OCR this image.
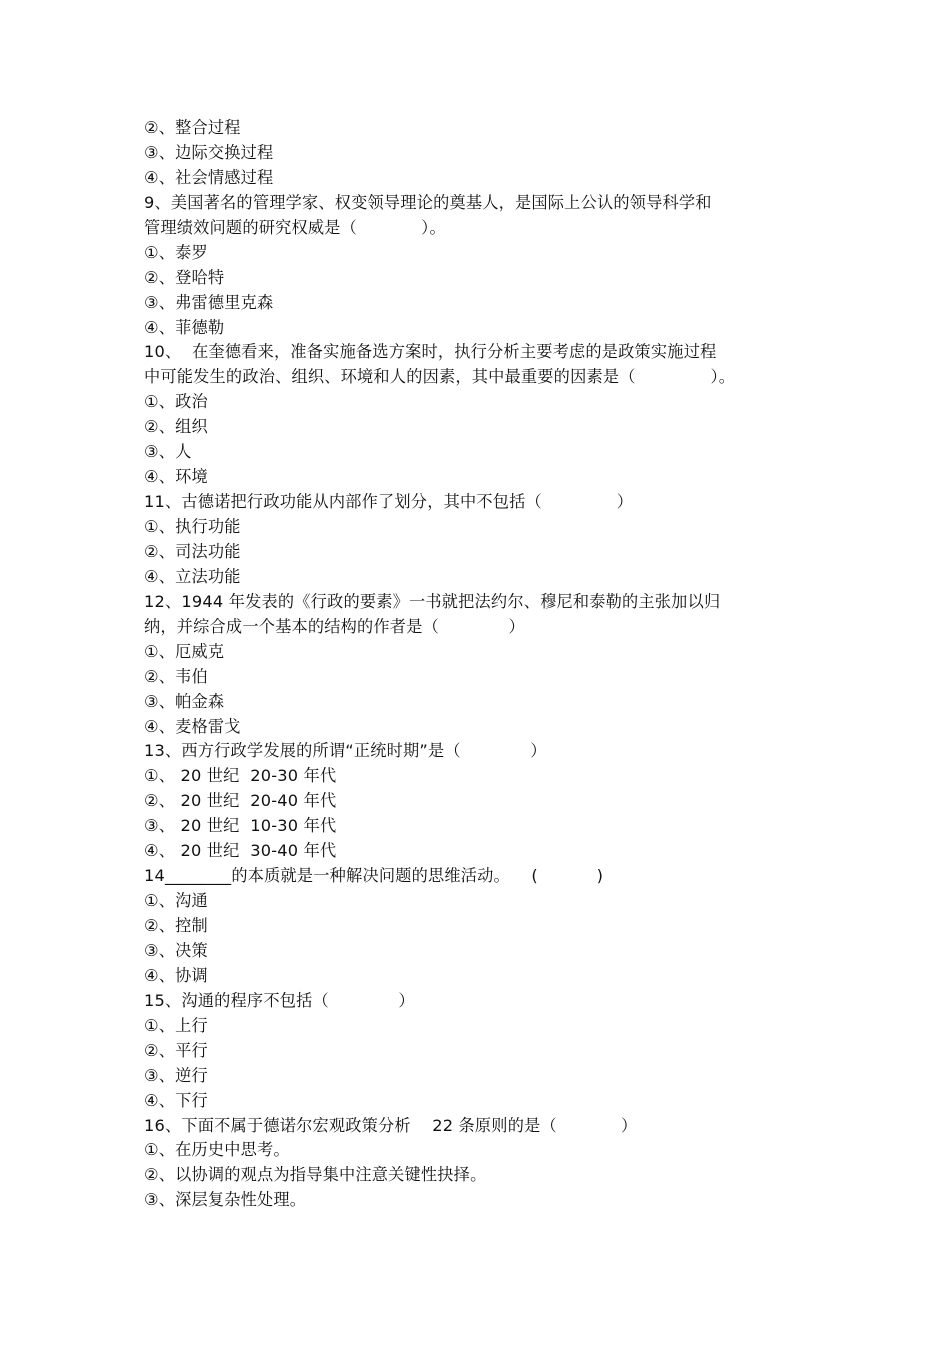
②、整合过程
③、边际交换过程
④、社会情感过程
9、美国著名的管理学家、权变领导理论的奠基人，是国际上公认的领导科学和
管理绩效问题的研究权威是（            ）。
①、泰罗
②、登哈特
③、弗雷德里克森
④、菲德勒
10、  在奎德看来，准备实施备选方案时，执行分析主要考虑的是政策实施过程
中可能发生的政治、组织、环境和人的因素，其中最重要的因素是（              ）。
①、政治
②、组织
③、人
④、环境
11、古德诺把行政功能从内部作了划分，其中不包括（              ）
①、执行功能
②、司法功能
④、立法功能
12、1944 年发表的《行政的要素》一书就把法约尔、穆尼和泰勒的主张加以归
纳，并综合成一个基本的结构的作者是（             ）
①、厄威克
②、韦伯
③、帕金森
④、麦格雷戈
13、西方行政学发展的所谓“正统时期”是（             ）
①、 20 世纪  20-30 年代
②、 20 世纪  20-40 年代
③、 20 世纪  10-30 年代
④、 20 世纪  30-40 年代
14________的本质就是一种解决问题的思维活动。    (           )
①、沟通
②、控制
③、决策
④、协调
15、沟通的程序不包括（             ）
①、上行
②、平行
③、逆行
④、下行
16、下面不属于德诺尔宏观政策分析    22 条原则的是（            ）
①、在历史中思考。
②、以协调的观点为指导集中注意关键性抉择。
③、深层复杂性处理。
